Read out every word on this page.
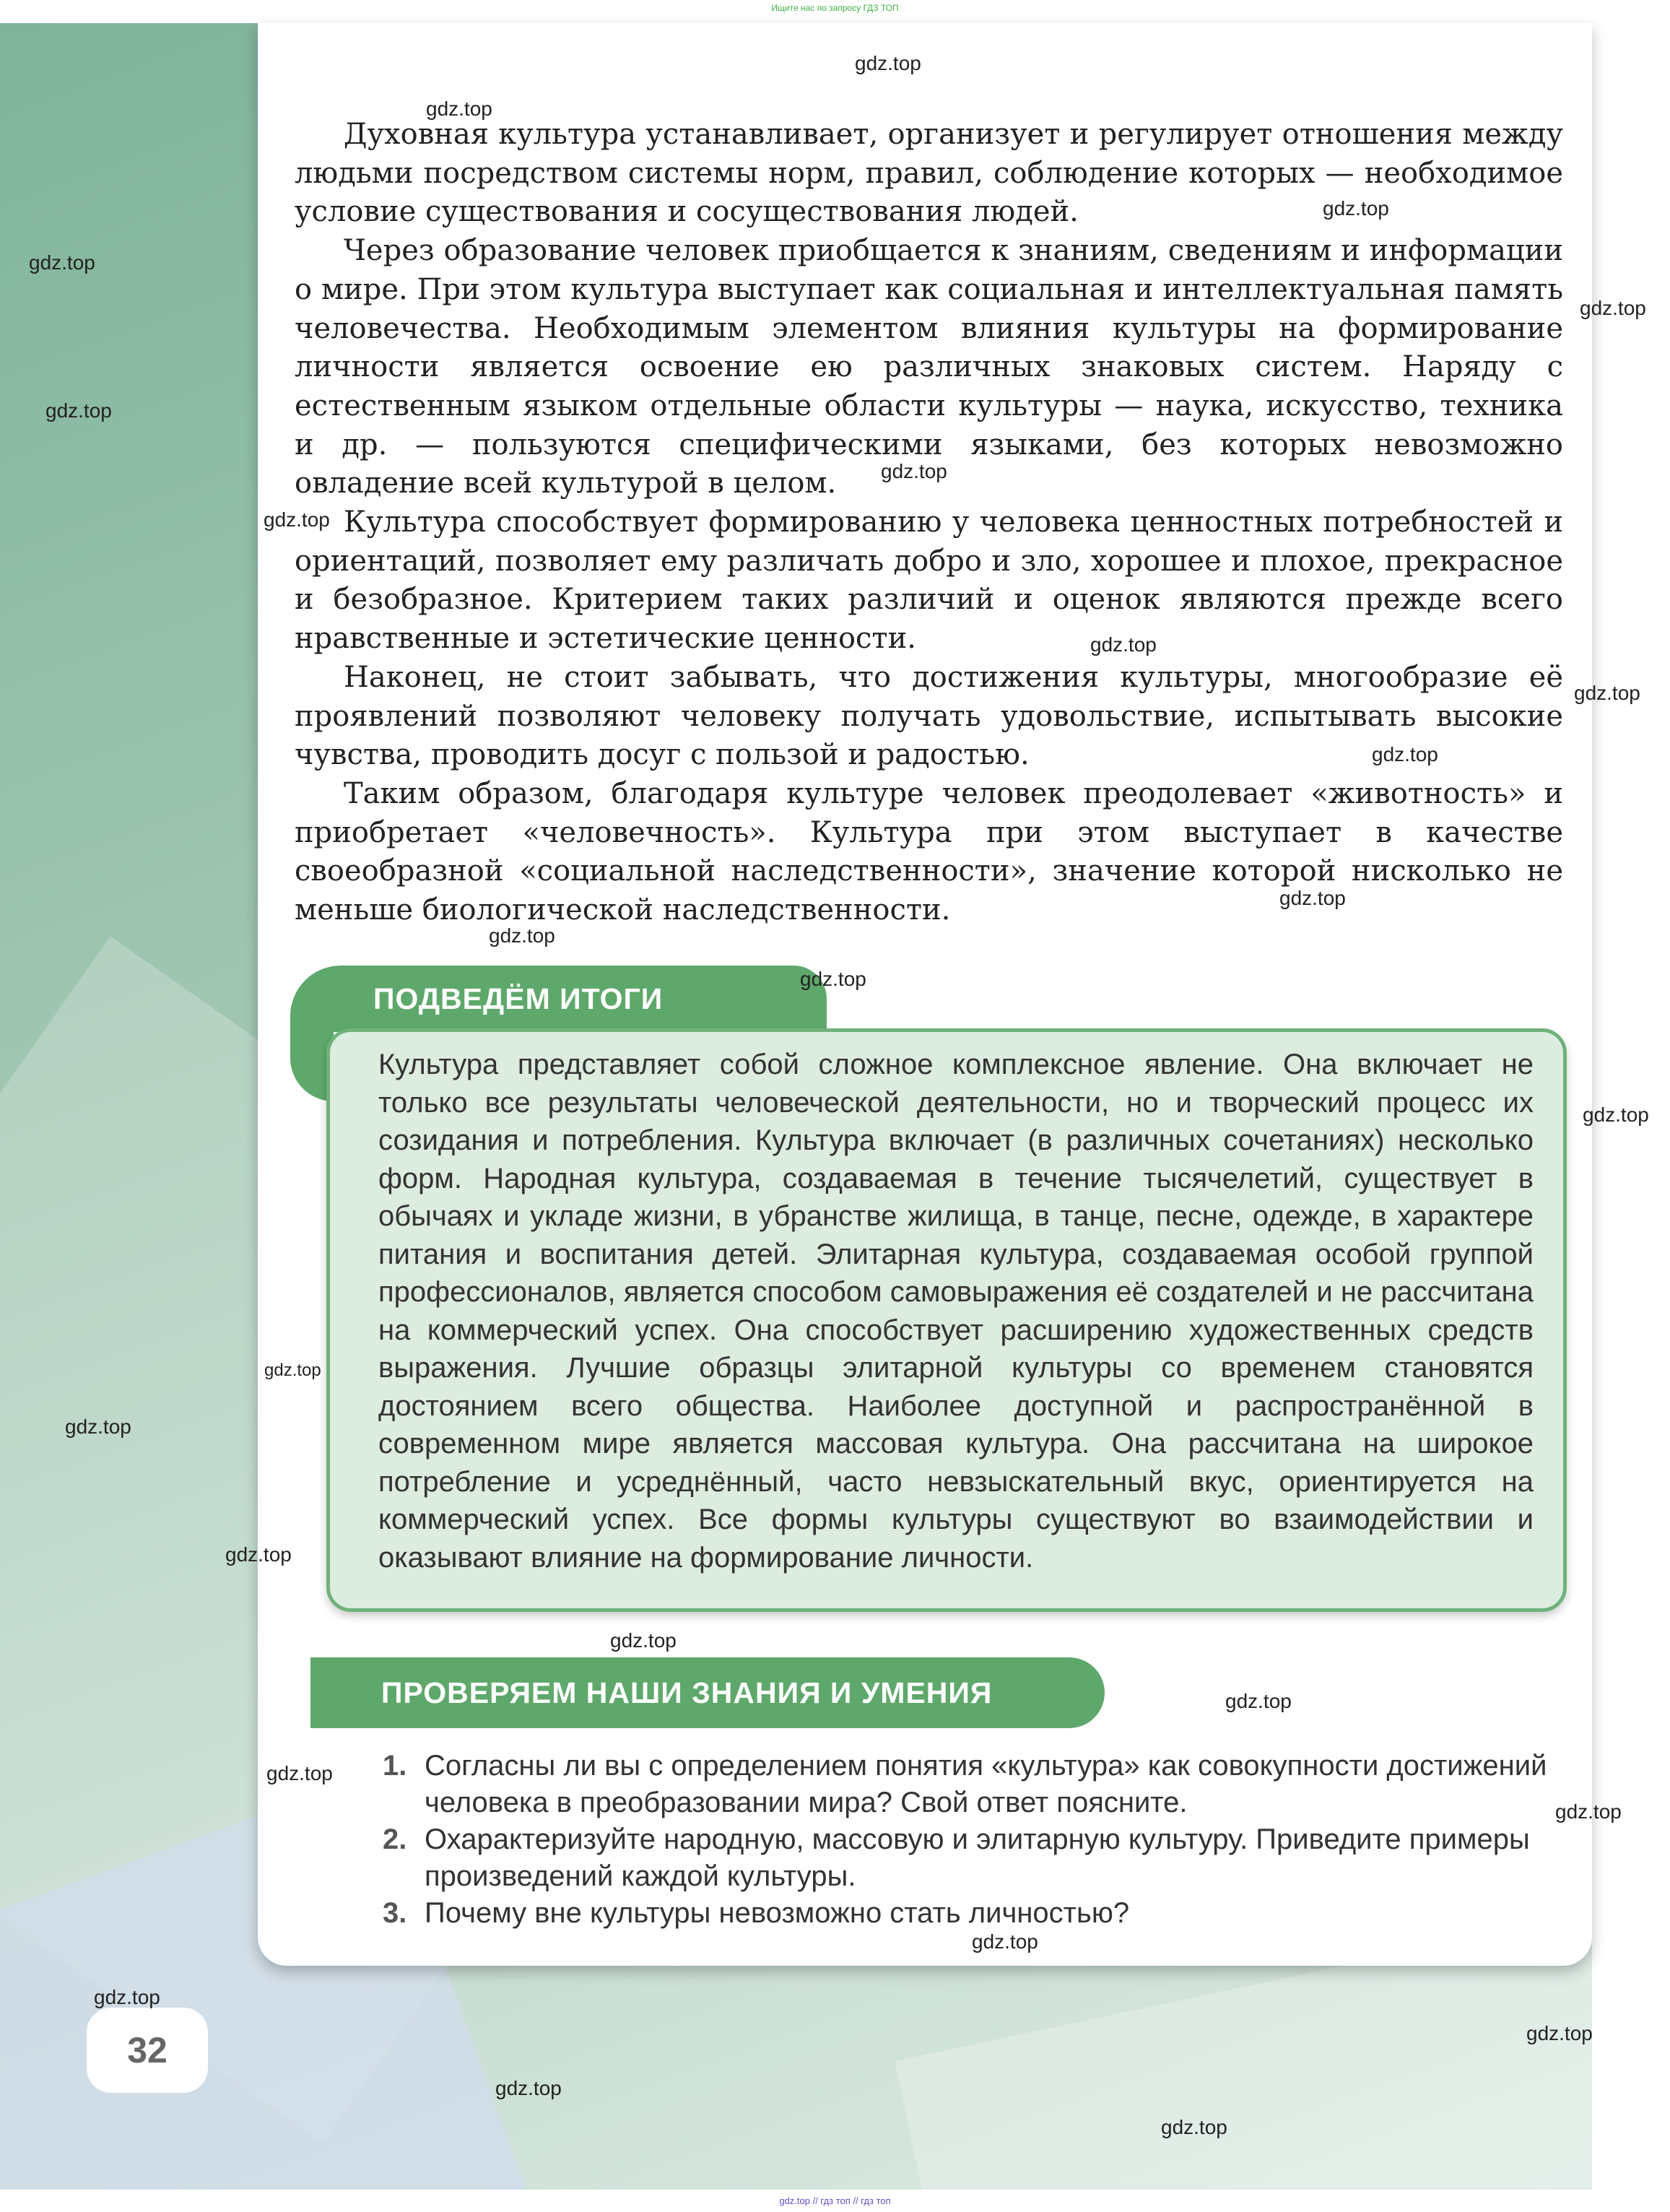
Ищите нас по запросу ГДЗ ТОП

Духовная культура устанавливает, организует и регулирует отношения между людьми посредством системы норм, правил, соблюдение которых — необходимое условие существования и сосуществования людей.

Через образование человек приобщается к знаниям, сведениям и информации о мире. При этом культура выступает как социальная и интеллектуальная память человечества. Необходимым элементом влияния культуры на формирование личности является освоение ею различных знаковых систем. Наряду с естественным языком отдельные области культуры — наука, искусство, техника и др. — пользуются специфическими языками, без которых невозможно овладение всей культурой в целом.

Культура способствует формированию у человека ценностных потребностей и ориентаций, позволяет ему различать добро и зло, хорошее и плохое, прекрасное и безобразное. Критерием таких различий и оценок являются прежде всего нравственные и эстетические ценности.

Наконец, не стоит забывать, что достижения культуры, многообразие её проявлений позволяют человеку получать удовольствие, испытывать высокие чувства, проводить досуг с пользой и радостью.

Таким образом, благодаря культуре человек преодолевает «животность» и приобретает «человечность». Культура при этом выступает в качестве своеобразной «социальной наследственности», значение которой нисколько не меньше биологической наследственности.

ПОДВЕДЁМ ИТОГИ
Культура представляет собой сложное комплексное явление. Она включает не только все результаты человеческой деятельности, но и творческий процесс их созидания и потребления. Культура включает (в различных сочетаниях) несколько форм. Народная культура, создаваемая в течение тысячелетий, существует в обычаях и укладе жизни, в убранстве жилища, в танце, песне, одежде, в характере питания и воспитания детей. Элитарная культура, создаваемая особой группой профессионалов, является способом самовыражения её создателей и не рассчитана на коммерческий успех. Она способствует расширению художественных средств выражения. Лучшие образцы элитарной культуры со временем становятся достоянием всего общества. Наиболее доступной и распространённой в современном мире является массовая культура. Она рассчитана на широкое потребление и усреднённый, часто невзыскательный вкус, ориентируется на коммерческий успех. Все формы культуры существуют во взаимодействии и оказывают влияние на формирование личности.
ПРОВЕРЯЕМ НАШИ ЗНАНИЯ И УМЕНИЯ
1. Согласны ли вы с определением понятия «культура» как совокупности достижений человека в преобразовании мира? Свой ответ поясните.
2. Охарактеризуйте народную, массовую и элитарную культуру. Приведите примеры произведений каждой культуры.
3. Почему вне культуры невозможно стать личностью?
32
gdz.top
gdz.top
gdz.top
gdz.top
gdz.top
gdz.top
gdz.top
gdz.top
gdz.top
gdz.top
gdz.top
gdz.top
gdz.top
gdz.top
gdz.top
gdz.top
gdz.top
gdz.top
gdz.top
gdz.top
gdz.top
gdz.top
gdz.top
gdz.top
gdz.top
gdz.top
gdz.top
gdz.top // гдз топ // гдз топ
